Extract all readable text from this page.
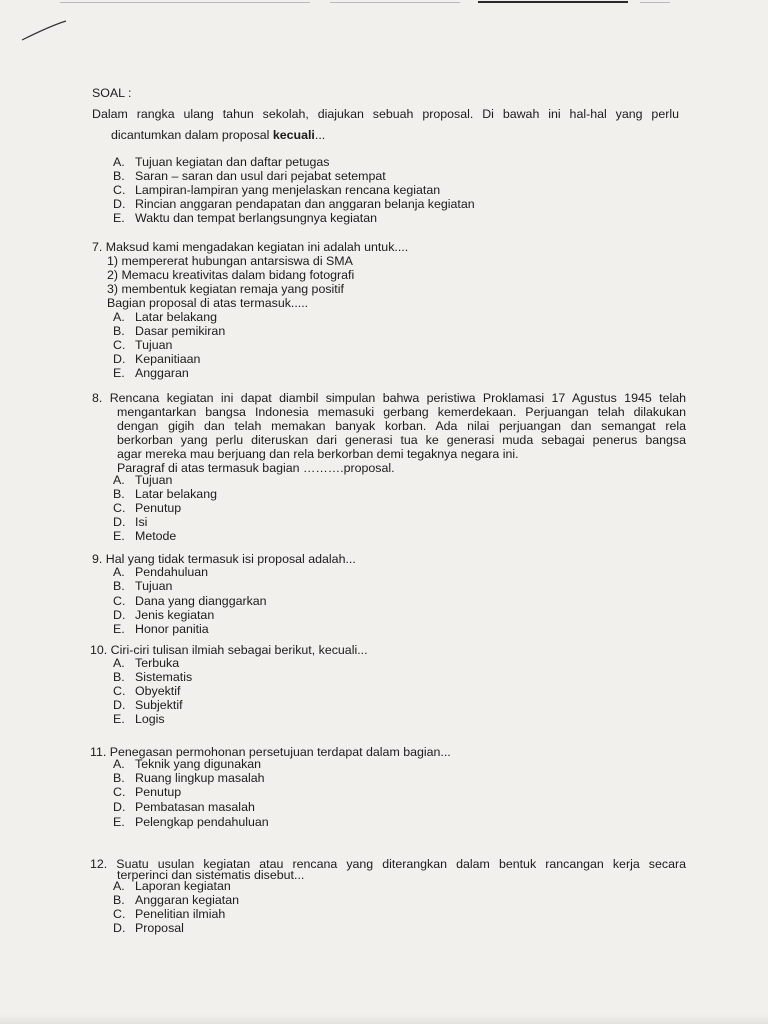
SOAL :
Dalam rangka ulang tahun sekolah, diajukan sebuah proposal. Di bawah ini hal-hal yang perlu
dicantumkan dalam proposal kecuali...
A. Tujuan kegiatan dan daftar petugas
B. Saran – saran dan usul dari pejabat setempat
C. Lampiran-lampiran yang menjelaskan rencana kegiatan
D. Rincian anggaran pendapatan dan anggaran belanja kegiatan
E. Waktu dan tempat berlangsungnya kegiatan
7. Maksud kami mengadakan kegiatan ini adalah untuk....
1) mempererat hubungan antarsiswa di SMA
2) Memacu kreativitas dalam bidang fotografi
3) membentuk kegiatan remaja yang positif
Bagian proposal di atas termasuk.....
A. Latar belakang
B. Dasar pemikiran
C. Tujuan
D. Kepanitiaan
E. Anggaran
8. Rencana kegiatan ini dapat diambil simpulan bahwa peristiwa Proklamasi 17 Agustus 1945 telah
mengantarkan bangsa Indonesia memasuki gerbang kemerdekaan. Perjuangan telah dilakukan
dengan gigih dan telah memakan banyak korban. Ada nilai perjuangan dan semangat rela
berkorban yang perlu diteruskan dari generasi tua ke generasi muda sebagai penerus bangsa
agar mereka mau berjuang dan rela berkorban demi tegaknya negara ini.
Paragraf di atas termasuk bagian ……….proposal.
A. Tujuan
B. Latar belakang
C. Penutup
D. Isi
E. Metode
9. Hal yang tidak termasuk isi proposal adalah...
A. Pendahuluan
B. Tujuan
C. Dana yang dianggarkan
D. Jenis kegiatan
E. Honor panitia
10. Ciri-ciri tulisan ilmiah sebagai berikut, kecuali...
A. Terbuka
B. Sistematis
C. Obyektif
D. Subjektif
E. Logis
11. Penegasan permohonan persetujuan terdapat dalam bagian...
A. Teknik yang digunakan
B. Ruang lingkup masalah
C. Penutup
D. Pembatasan masalah
E. Pelengkap pendahuluan
12. Suatu usulan kegiatan atau rencana yang diterangkan dalam bentuk rancangan kerja secara
terperinci dan sistematis disebut...
A. Laporan kegiatan
B. Anggaran kegiatan
C. Penelitian ilmiah
D. Proposal
